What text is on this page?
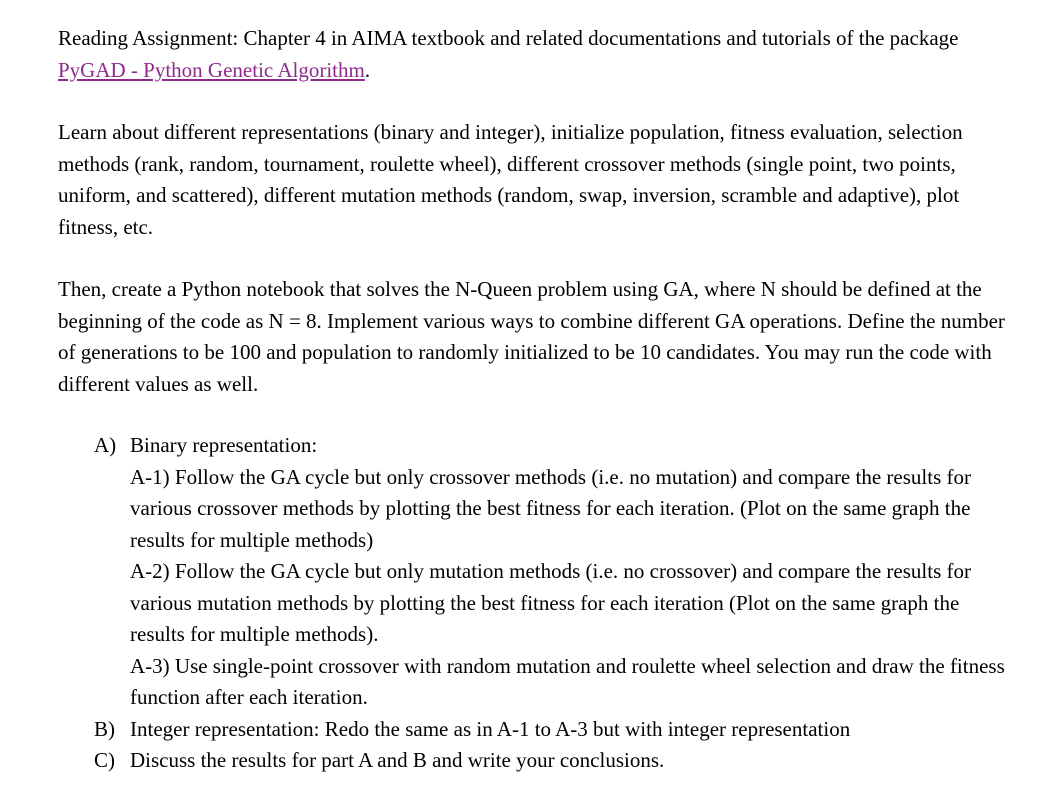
Reading Assignment: Chapter 4 in AIMA textbook and related documentations and tutorials of the package PyGAD - Python Genetic Algorithm.

Learn about different representations (binary and integer), initialize population, fitness evaluation, selection methods (rank, random, tournament, roulette wheel), different crossover methods (single point, two points, uniform, and scattered), different mutation methods (random, swap, inversion, scramble and adaptive), plot fitness, etc.

Then, create a Python notebook that solves the N-Queen problem using GA, where N should be defined at the beginning of the code as N = 8. Implement various ways to combine different GA operations. Define the number of generations to be 100 and population to randomly initialized to be 10 candidates. You may run the code with different values as well.

A) Binary representation:

A-1) Follow the GA cycle but only crossover methods (i.e. no mutation) and compare the results for various crossover methods by plotting the best fitness for each iteration. (Plot on the same graph the results for multiple methods)

A-2) Follow the GA cycle but only mutation methods (i.e. no crossover) and compare the results for various mutation methods by plotting the best fitness for each iteration (Plot on the same graph the results for multiple methods).

A-3) Use single-point crossover with random mutation and roulette wheel selection and draw the fitness function after each iteration.

B) Integer representation: Redo the same as in A-1 to A-3 but with integer representation

C) Discuss the results for part A and B and write your conclusions.
